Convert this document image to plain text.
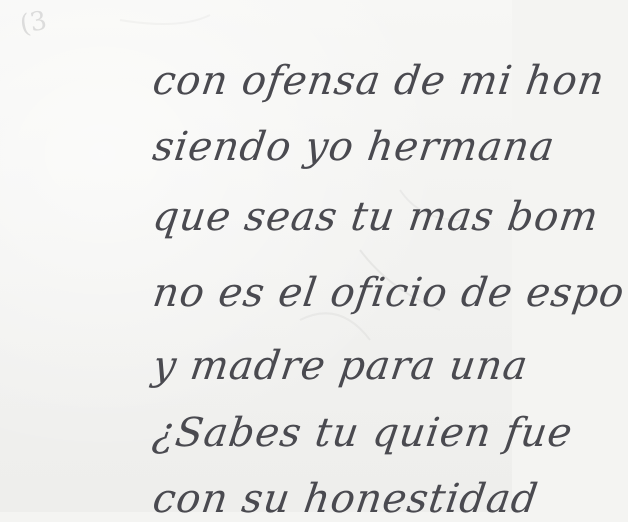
(3
con ofensa de mi hon
siendo yo hermana
que seas tu mas bom
no es el oficio de espo
y madre para una
¿Sabes tu quien fue
con su honestidad
